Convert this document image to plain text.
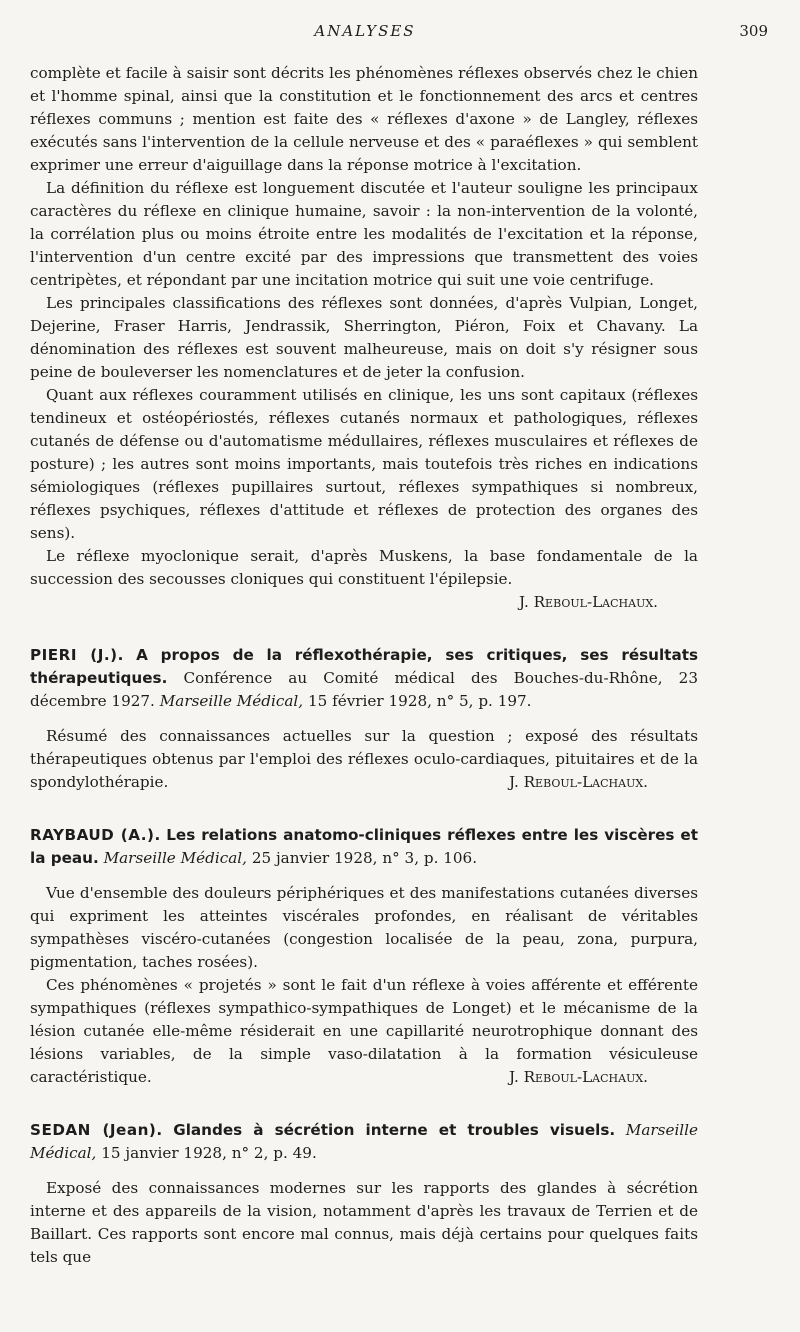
ANALYSES	309

complète et facile à saisir sont décrits les phénomènes réflexes observés chez le chien et l'homme spinal, ainsi que la constitution et le fonctionnement des arcs et centres réflexes communs ; mention est faite des « réflexes d'axone » de Langley, réflexes exécutés sans l'intervention de la cellule nerveuse et des « paraéflexes » qui semblent exprimer une erreur d'aiguillage dans la réponse motrice à l'excitation.

La définition du réflexe est longuement discutée et l'auteur souligne les principaux caractères du réflexe en clinique humaine, savoir : la non-intervention de la volonté, la corrélation plus ou moins étroite entre les modalités de l'excitation et la réponse, l'intervention d'un centre excité par des impressions que transmettent des voies centripètes, et répondant par une incitation motrice qui suit une voie centrifuge.

Les principales classifications des réflexes sont données, d'après Vulpian, Longet, Dejerine, Fraser Harris, Jendrassik, Sherrington, Piéron, Foix et Chavany. La dénomination des réflexes est souvent malheureuse, mais on doit s'y résigner sous peine de bouleverser les nomenclatures et de jeter la confusion.

Quant aux réflexes couramment utilisés en clinique, les uns sont capitaux (réflexes tendineux et ostéopériostés, réflexes cutanés normaux et pathologiques, réflexes cutanés de défense ou d'automatisme médullaires, réflexes musculaires et réflexes de posture) ; les autres sont moins importants, mais toutefois très riches en indications sémiologiques (réflexes pupillaires surtout, réflexes sympathiques si nombreux, réflexes psychiques, réflexes d'attitude et réflexes de protection des organes des sens).

Le réflexe myoclonique serait, d'après Muskens, la base fondamentale de la succession des secousses cloniques qui constituent l'épilepsie.

J. Reboul-Lachaux.

PIERI (J.). A propos de la réflexothérapie, ses critiques, ses résultats thérapeutiques. Conférence au Comité médical des Bouches-du-Rhône, 23 décembre 1927. Marseille Médical, 15 février 1928, n° 5, p. 197.

Résumé des connaissances actuelles sur la question ; exposé des résultats thérapeutiques obtenus par l'emploi des réflexes oculo-cardiaques, pituitaires et de la spondylothérapie.	J. Reboul-Lachaux.

RAYBAUD (A.). Les relations anatomo-cliniques réflexes entre les viscères et la peau. Marseille Médical, 25 janvier 1928, n° 3, p. 106.

Vue d'ensemble des douleurs périphériques et des manifestations cutanées diverses qui expriment les atteintes viscérales profondes, en réalisant de véritables sympathèses viscéro-cutanées (congestion localisée de la peau, zona, purpura, pigmentation, taches rosées).

Ces phénomènes « projetés » sont le fait d'un réflexe à voies afférente et efférente sympathiques (réflexes sympathico-sympathiques de Longet) et le mécanisme de la lésion cutanée elle-même résiderait en une capillarité neurotrophique donnant des lésions variables, de la simple vaso-dilatation à la formation vésiculeuse caractéristique.	J. Reboul-Lachaux.

SEDAN (Jean). Glandes à sécrétion interne et troubles visuels. Marseille Médical, 15 janvier 1928, n° 2, p. 49.

Exposé des connaissances modernes sur les rapports des glandes à sécrétion interne et des appareils de la vision, notamment d'après les travaux de Terrien et de Baillart. Ces rapports sont encore mal connus, mais déjà certains pour quelques faits tels que
